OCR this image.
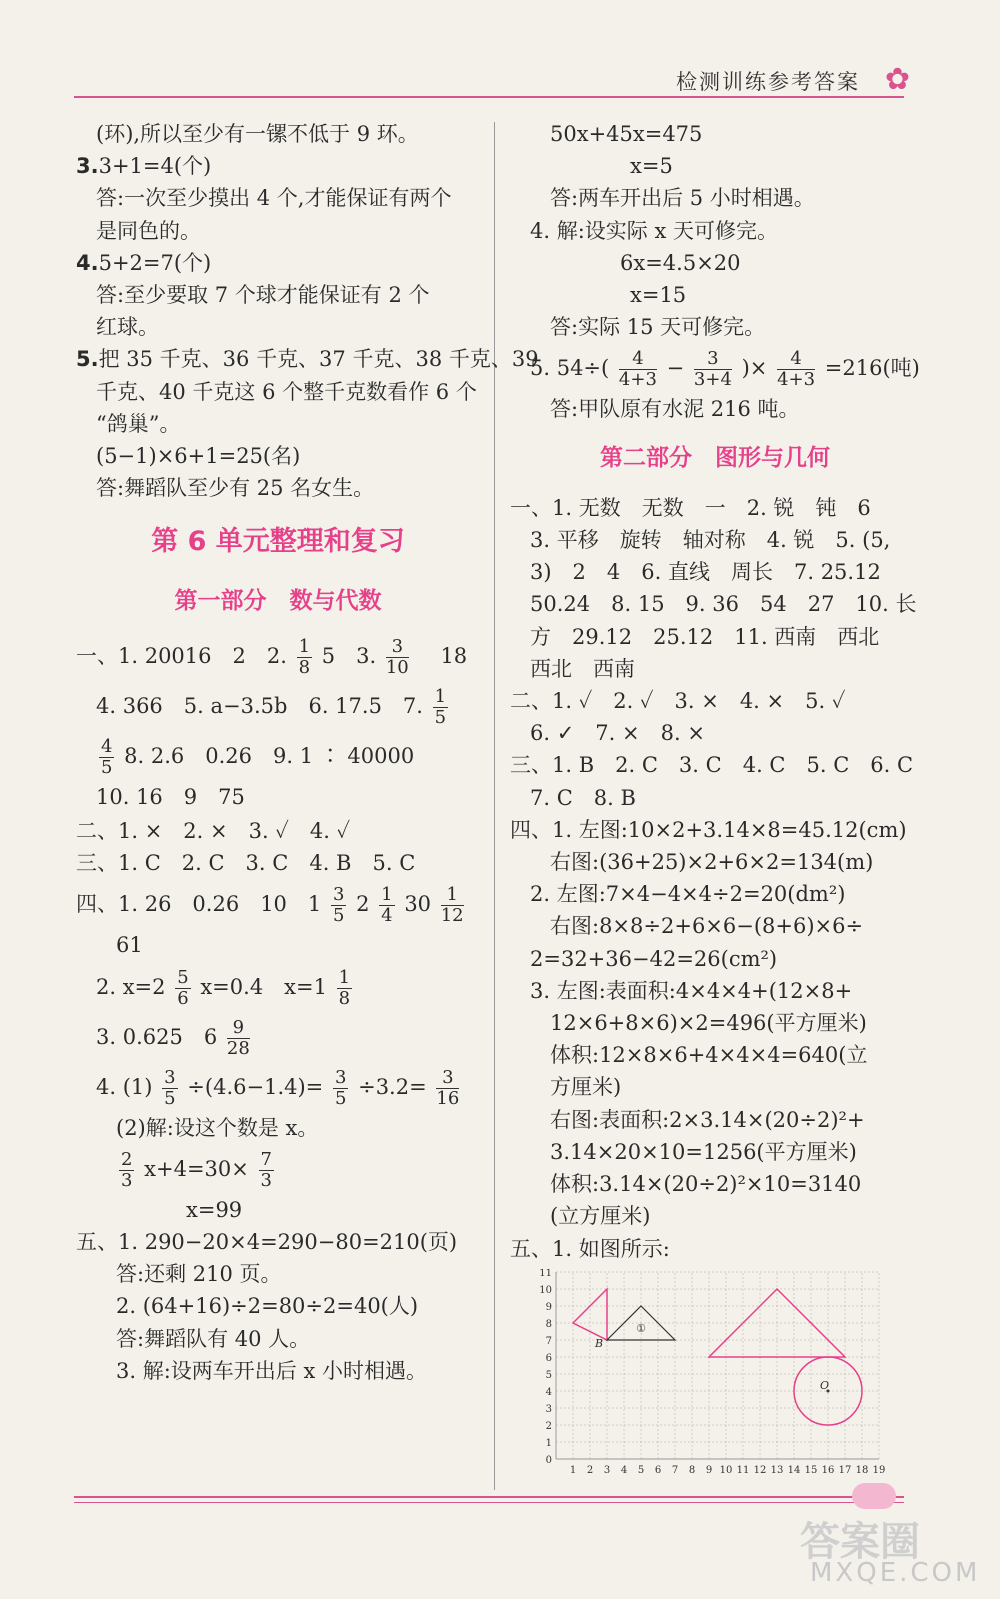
检测训练参考答案 ✿
(环),所以至少有一镙不低于 9 环。
3.3+1=4(个)
答:一次至少摸出 4 个,才能保证有两个
是同色的。
4.5+2=7(个)
答:至少要取 7 个球才能保证有 2 个
红球。
5.把 35 千克、36 千克、37 千克、38 千克、39
千克、40 千克这 6 个整千克数看作 6 个
“鸽巢”。
(5−1)×6+1=25(名)
答:舞蹈队至少有 25 名女生。
第 6 单元整理和复习
第一部分　数与代数
一、1. 20016　2　2. $\frac{1}{8} 5$　3. $\frac{3}{10} 18$
4. 366　5. a−3.5b　6. 17.5　7. $\frac{1}{5}$
$\frac{4}{5} 8$. 2.6　0.26　9. 1 ∶ 40000
10. 16　9　75
二、1. ×　2. ×　3. ✓　4. ✓
三、1. C　2. C　3. C　4. B　5. C
四、1. 26　0.26　10　$1 \frac{3}{5} 2 \frac{1}{4} 30 \frac{1}{12}$
61
2. $x=2 \frac{5}{6} x=0.4$　$x=1 \frac{1}{8}$
3. 0.625　$6 \frac{9}{28}$
4. $(1) \frac{3}{5} \div(4.6-1.4)= \frac{3}{5} \div 3.2= \frac{3}{16}$
(2)解:设这个数是 x。
$\frac{2}{3} x+4=30\times \frac{7}{3}$
x=99
五、1. 290−20×4=290−80=210(页)
答:还剩 210 页。
2. (64+16)÷2=80÷2=40(人)
答:舞蹈队有 40 人。
3. 解:设两车开出后 x 小时相遇。
50x+45x=475
x=5
答:两车开出后 5 小时相遇。
4. 解:设实际 x 天可修完。
6x=4.5×20
x=15
答:实际 15 天可修完。
5. $54\div( \frac{4}{4+3} - \frac{3}{3+4}$ )× $\frac{4}{4+3} =216$(吨)
答:甲队原有水泥 216 吨。
第二部分　图形与几何
一、1. 无数　无数　一　2. 锐　钝　6
3. 平移　旋转　轴对称　4. 锐　5. (5,
3)　2　4　6. 直线　周长　7. 25.12
50.24　8. 15　9. 36　54　27　10. 长
方　29.12　25.12　11. 西南　西北
西北　西南
二、1. ✓　2. ✓　3. ×　4. ×　5. ✓
6. ✓　7. ×　8. ×
三、1. B　2. C　3. C　4. C　5. C　6. C
7. C　8. B
四、1. 左图:10×2+3.14×8=45.12(cm)
右图:(36+25)×2+6×2=134(m)
2. 左图:7×4−4×4÷2=20(dm²)
右图:8×8÷2+6×6−(8+6)×6÷
2=32+36−42=26(cm²)
3. 左图:表面积:4×4×4+(12×8+
12×6+8×6)×2=496(平方厘米)
体积:12×8×6+4×4×4=640(立
方厘米)
右图:表面积:2×3.14×(20÷2)²+
3.14×20×10=1256(平方厘米)
体积:3.14×(20÷2)²×10=3140
(立方厘米)
五、1. 如图所示:
11
10
9
8
7
6
5
4
3
2
1
0
1 2 3 4 5 6 7 8 9 10 11 12 13 14 15 16 17 18 19
①
B
O
答案圈
MXQE.COM
